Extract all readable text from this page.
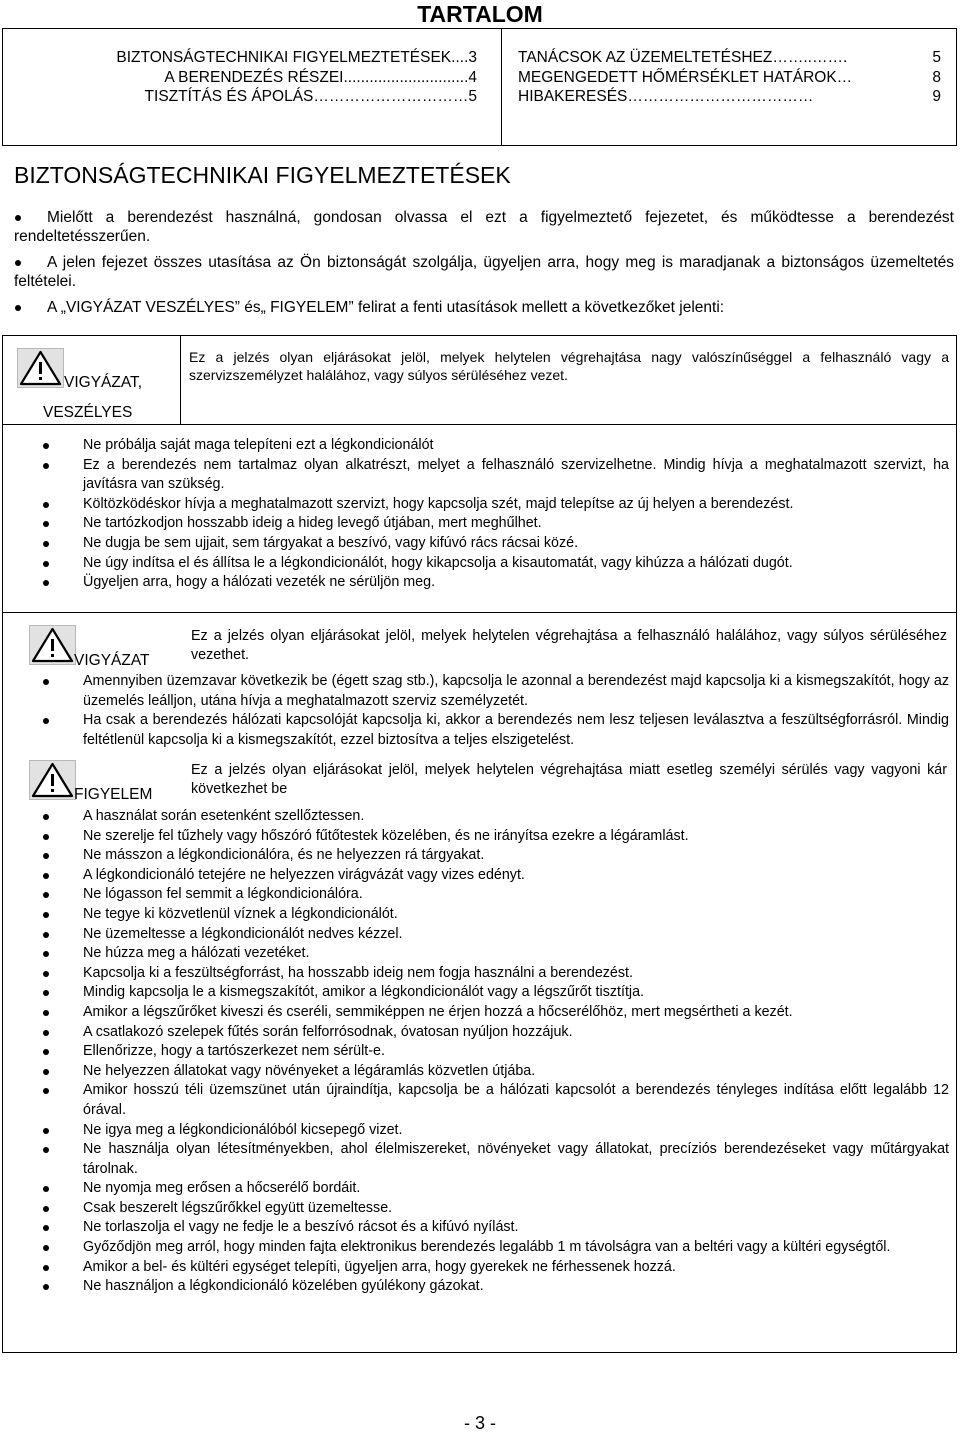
TARTALOM
BIZTONSÁGTECHNIKAI FIGYELMEZTETÉSEK....3
A BERENDEZÉS RÉSZEI.............................4
TISZTÍTÁS ÉS ÁPOLÁS…………………………5
TANÁCSOK AZ ÜZEMELTETÉSHEZ……..…….	5
MEGENGEDETT HŐMÉRSÉKLET HATÁROK…	8
HIBAKERESÉS………………………………	9
BIZTONSÁGTECHNIKAI FIGYELMEZTETÉSEK
Mielőtt a berendezést használná, gondosan olvassa el ezt a figyelmeztető fejezetet, és működtesse a berendezést rendeltetésszerűen.
A jelen fejezet összes utasítása az Ön biztonságát szolgálja, ügyeljen arra, hogy meg is maradjanak a biztonságos üzemeltetés feltételei.
A „VIGYÁZAT VESZÉLYES” és„ FIGYELEM” felirat a fenti utasítások mellett a következőket jelenti:
VIGYÁZAT,
VESZÉLYES
Ez a jelzés olyan eljárásokat jelöl, melyek helytelen végrehajtása nagy valószínűséggel a felhasználó vagy a szervizszemélyzet halálához, vagy súlyos sérüléséhez vezet.
Ne próbálja saját maga telepíteni ezt a légkondicionálót
Ez a berendezés nem tartalmaz olyan alkatrészt, melyet a felhasználó szervizelhetne. Mindig hívja a meghatalmazott szervizt, ha javításra van szükség.
Költözködéskor hívja a meghatalmazott szervizt, hogy kapcsolja szét, majd telepítse az új helyen a berendezést.
Ne tartózkodjon hosszabb ideig a hideg levegő útjában, mert meghűlhet.
Ne dugja be sem ujjait, sem tárgyakat a beszívó, vagy kifúvó rács rácsai közé.
Ne úgy indítsa el és állítsa le a légkondicionálót, hogy kikapcsolja a kisautomatát, vagy kihúzza a hálózati dugót.
Ügyeljen arra, hogy a hálózati vezeték ne sérüljön meg.
VIGYÁZAT
Ez a jelzés olyan eljárásokat jelöl, melyek helytelen végrehajtása a felhasználó halálához, vagy súlyos sérüléséhez vezethet.
Amennyiben üzemzavar következik be (égett szag stb.), kapcsolja le azonnal a berendezést majd kapcsolja ki a kismegszakítót, hogy az üzemelés leálljon, utána hívja a meghatalmazott szerviz személyzetét.
Ha csak a berendezés hálózati kapcsolóját kapcsolja ki, akkor a berendezés nem lesz teljesen leválasztva a feszültségforrásról. Mindig feltétlenül kapcsolja ki a kismegszakítót, ezzel biztosítva a teljes elszigetelést.
FIGYELEM
Ez a jelzés olyan eljárásokat jelöl, melyek helytelen végrehajtása miatt esetleg személyi sérülés vagy vagyoni kár következhet be
A használat során esetenként szellőztessen.
Ne szerelje fel tűzhely vagy hőszóró fűtőtestek közelében, és ne irányítsa ezekre a légáramlást.
Ne másszon a légkondicionálóra, és ne helyezzen rá tárgyakat.
A légkondicionáló tetejére ne helyezzen virágvázát vagy vizes edényt.
Ne lógasson fel semmit a légkondicionálóra.
Ne tegye ki közvetlenül víznek a légkondicionálót.
Ne üzemeltesse a légkondicionálót nedves kézzel.
Ne húzza meg a hálózati vezetéket.
Kapcsolja ki a feszültségforrást, ha hosszabb ideig nem fogja használni a berendezést.
Mindig kapcsolja le a kismegszakítót, amikor a légkondicionálót vagy a légszűrőt tisztítja.
Amikor a légszűrőket kiveszi és cseréli, semmiképpen ne érjen hozzá a hőcserélőhöz, mert megsértheti a kezét.
A csatlakozó szelepek fűtés során felforrósodnak, óvatosan nyúljon hozzájuk.
Ellenőrizze, hogy a tartószerkezet nem sérült-e.
Ne helyezzen állatokat vagy növényeket a légáramlás közvetlen útjába.
Amikor hosszú téli üzemszünet után újraindítja, kapcsolja be a hálózati kapcsolót a berendezés tényleges indítása előtt legalább 12 órával.
Ne igya meg a légkondicionálóból kicsepegő vizet.
Ne használja olyan létesítményekben, ahol élelmiszereket, növényeket vagy állatokat, precíziós berendezéseket vagy műtárgyakat tárolnak.
Ne nyomja meg erősen a hőcserélő bordáit.
Csak beszerelt légszűrőkkel együtt üzemeltesse.
Ne torlaszolja el vagy ne fedje le a beszívó rácsot és a kifúvó nyílást.
Győződjön meg arról, hogy minden fajta elektronikus berendezés legalább 1 m távolságra van a beltéri vagy a kültéri egységtől.
Amikor a bel- és kültéri egységet telepíti, ügyeljen arra, hogy gyerekek ne férhessenek hozzá.
Ne használjon a légkondicionáló közelében gyúlékony gázokat.
- 3 -
